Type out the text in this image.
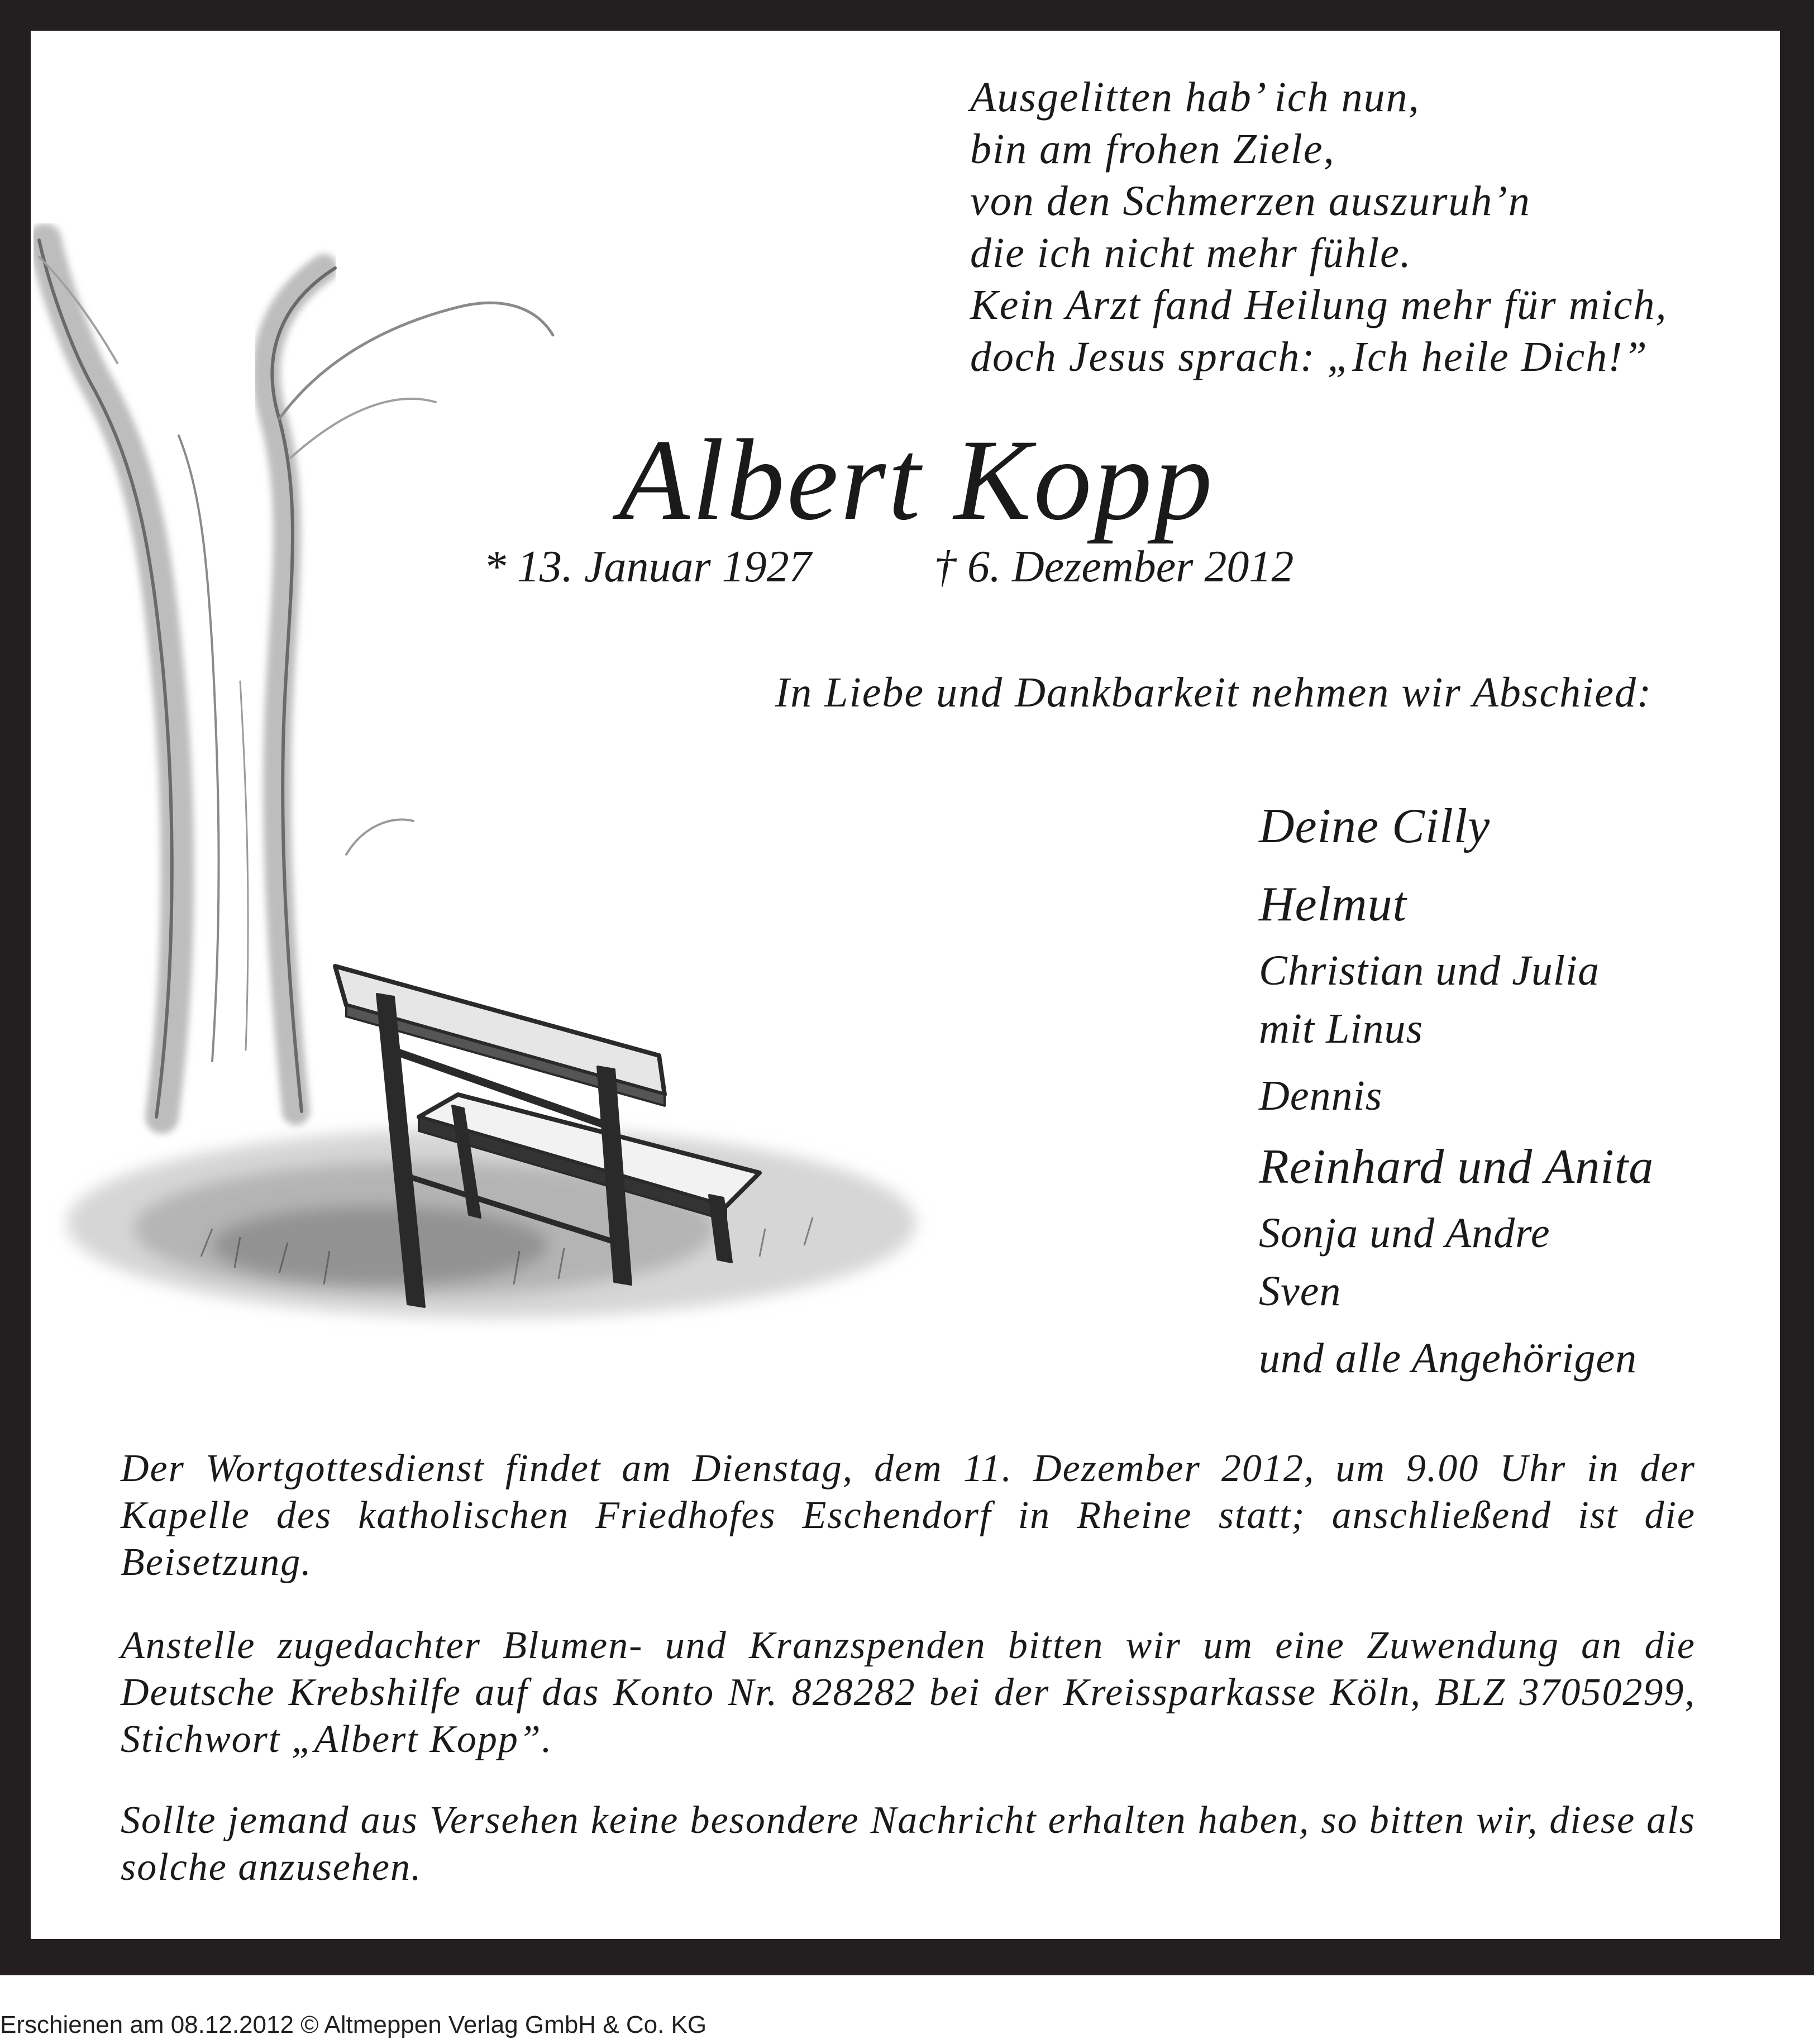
Ausgelitten hab’ ich nun,
bin am frohen Ziele,
von den Schmerzen auszuruh’n
die ich nicht mehr fühle.
Kein Arzt fand Heilung mehr für mich,
doch Jesus sprach: „Ich heile Dich!”
Albert Kopp
* 13. Januar 1927	† 6. Dezember 2012
In Liebe und Dankbarkeit nehmen wir Abschied:
Deine Cilly
Helmut
Christian und Julia
mit Linus
Dennis
Reinhard und Anita
Sonja und Andre
Sven
und alle Angehörigen
Der Wortgottesdienst findet am Dienstag, dem 11. Dezember 2012, um 9.00 Uhr in der Kapelle des katholischen Friedhofes Eschendorf in Rheine statt; anschließend ist die Beisetzung.
Anstelle zugedachter Blumen- und Kranzspenden bitten wir um eine Zuwendung an die Deutsche Krebshilfe auf das Konto Nr. 828282 bei der Kreissparkasse Köln, BLZ 37050299, Stichwort „Albert Kopp”.
Sollte jemand aus Versehen keine besondere Nachricht erhalten haben, so bitten wir, diese als solche anzusehen.
Erschienen am 08.12.2012 © Altmeppen Verlag GmbH & Co. KG
